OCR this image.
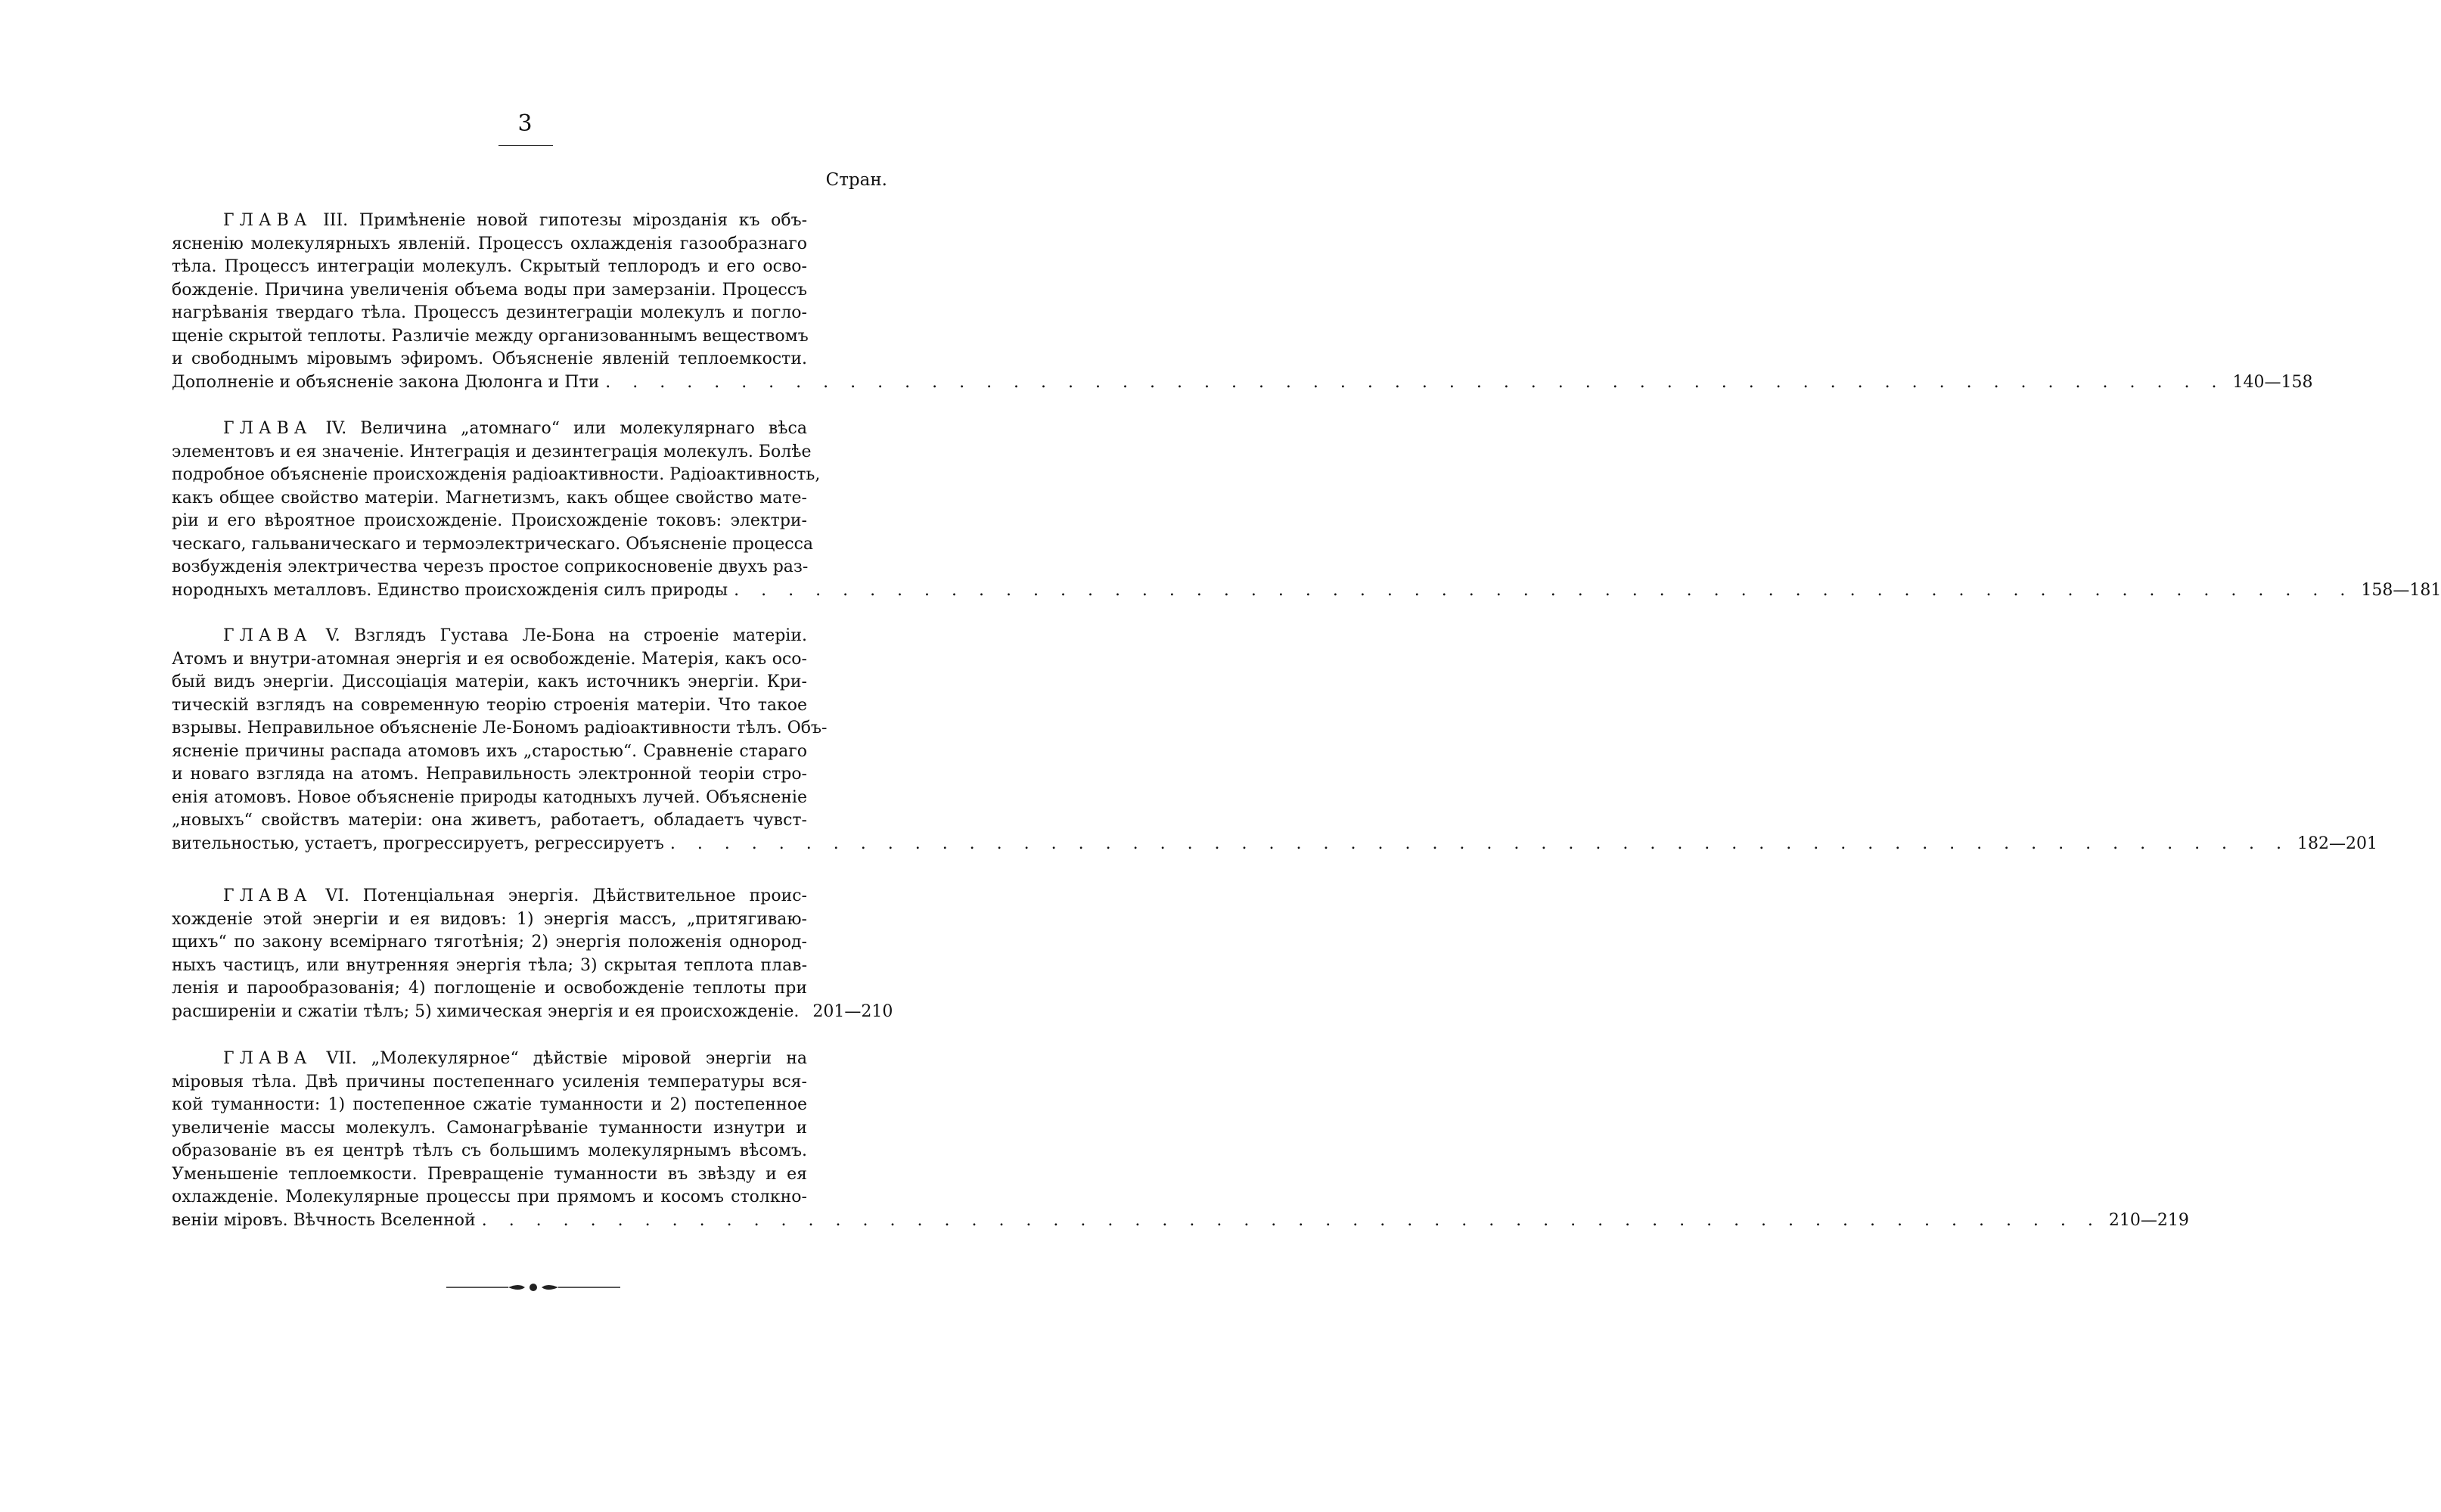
3
Стран.
ГЛАВА III. Примѣненіе новой гипотезы мірозданія къ объ-
ясненію молекулярныхъ явленій. Процессъ охлажденія газообразнаго
тѣла. Процессъ интеграціи молекулъ. Скрытый теплородъ и его осво-
божденіе. Причина увеличенія объема воды при замерзаніи. Процессъ
нагрѣванія твердаго тѣла. Процессъ дезинтеграціи молекулъ и погло-
щеніе скрытой теплоты. Различіе между организованнымъ веществомъ
и свободнымъ міровымъ эфиромъ. Объясненіе явленій теплоемкости.
Дополненіе и объясненіе закона Дюлонга и Пти . . . . . . . . . . . . . . . . . . . . . . . . . . . . . . . . . . . . . . . . . . . . . . . . . . . . . . . . . . . . 140—158
ГЛАВА IV. Величина „атомнаго“ или молекулярнаго вѣса
элементовъ и ея значеніе. Интеграція и дезинтеграція молекулъ. Болѣе
подробное объясненіе происхожденія радіоактивности. Радіоактивность,
какъ общее свойство матеріи. Магнетизмъ, какъ общее свойство мате-
ріи и его вѣроятное происхожденіе. Происхожденіе токовъ: электри-
ческаго, гальваническаго и термоэлектрическаго. Объясненіе процесса
возбужденія электричества черезъ простое соприкосновеніе двухъ раз-
нородныхъ металловъ. Единство происхожденія силъ природы . . . . . . . . . . . . . . . . . . . . . . . . . . . . . . . . . . . . . . . . . . . . . . . . . . . . . . . . . . . . 158—181
ГЛАВА V. Взглядъ Густава Ле-Бона на строеніе матеріи.
Атомъ и внутри-атомная энергія и ея освобожденіе. Матерія, какъ осо-
бый видъ энергіи. Диссоціація матеріи, какъ источникъ энергіи. Кри-
тическій взглядъ на современную теорію строенія матеріи. Что такое
взрывы. Неправильное объясненіе Ле-Бономъ радіоактивности тѣлъ. Объ-
ясненіе причины распада атомовъ ихъ „старостью“. Сравненіе стараго
и новаго взгляда на атомъ. Неправильность электронной теоріи стро-
енія атомовъ. Новое объясненіе природы катодныхъ лучей. Объясненіе
„новыхъ“ свойствъ матеріи: она живетъ, работаетъ, обладаетъ чувст-
вительностью, устаетъ, прогрессируетъ, регрессируетъ . . . . . . . . . . . . . . . . . . . . . . . . . . . . . . . . . . . . . . . . . . . . . . . . . . . . . . . . . . . . 182—201
ГЛАВА VI. Потенціальная энергія. Дѣйствительное проис-
хожденіе этой энергіи и ея видовъ: 1) энергія массъ, „притягиваю-
щихъ“ по закону всемірнаго тяготѣнія; 2) энергія положенія однород-
ныхъ частицъ, или внутренняя энергія тѣла; 3) скрытая теплота плав-
ленія и парообразованія; 4) поглощеніе и освобожденіе теплоты при
расширеніи и сжатіи тѣлъ; 5) химическая энергія и ея происхожденіе. 201—210
ГЛАВА VII. „Молекулярное“ дѣйствіе міровой энергіи на
міровыя тѣла. Двѣ причины постепеннаго усиленія температуры вся-
кой туманности: 1) постепенное сжатіе туманности и 2) постепенное
увеличеніе массы молекулъ. Самонагрѣваніе туманности изнутри и
образованіе въ ея центрѣ тѣлъ съ большимъ молекулярнымъ вѣсомъ.
Уменьшеніе теплоемкости. Превращеніе туманности въ звѣзду и ея
охлажденіе. Молекулярные процессы при прямомъ и косомъ столкно-
веніи міровъ. Вѣчность Вселенной . . . . . . . . . . . . . . . . . . . . . . . . . . . . . . . . . . . . . . . . . . . . . . . . . . . . . . . . . . . . 210—219
